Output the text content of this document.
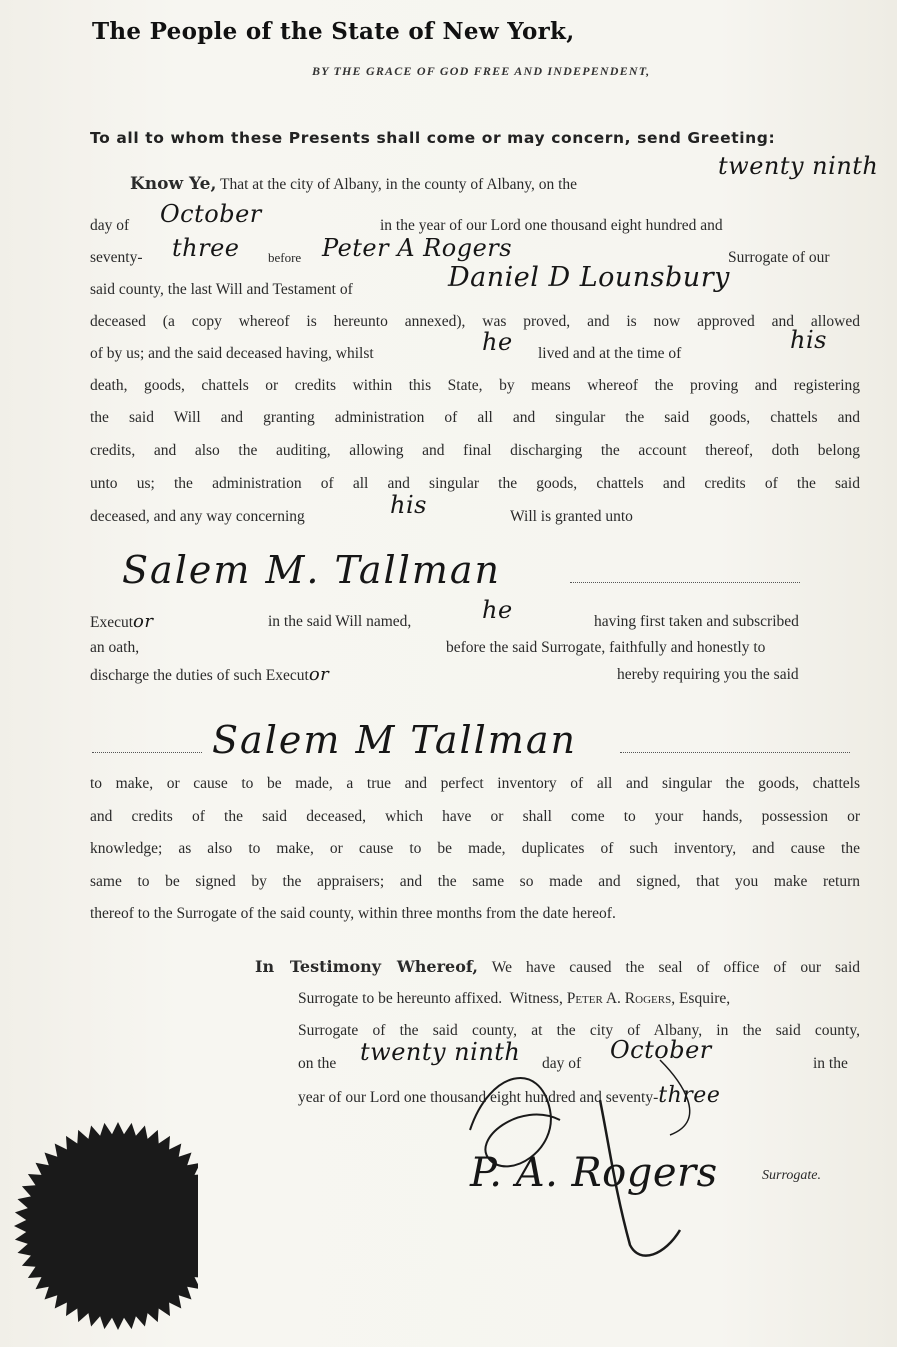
The People of the State of New York,
BY THE GRACE OF GOD FREE AND INDEPENDENT,
To all to whom these Presents shall come or may concern, send Greeting:
Know Ye, That at the city of Albany, in the county of Albany, on the
twenty ninth
day of October	in the year of our Lord one thousand eight hundred and
seventy- three before Peter A Rogers	Surrogate of our
said county, the last Will and Testament of	Daniel D Lounsbury
deceased (a copy whereof is hereunto annexed), was proved, and is now approved and allowed
of by us; and the said deceased having, whilst	he lived and at the time of	his
death, goods, chattels or credits within this State, by means whereof the proving and registering
the said Will and granting administration of all and singular the said goods, chattels and
credits, and also the auditing, allowing and final discharging the account thereof, doth belong
unto us; the administration of all and singular the goods, chattels and credits of the said
deceased, and any way concerning	his	Will is granted unto
Salem M. Tallman
Executor	in the said Will named,	he	having first taken and subscribed
an oath,	before the said Surrogate, faithfully and honestly to
discharge the duties of such Executor	hereby requiring you the said
Salem M Tallman
to make, or cause to be made, a true and perfect inventory of all and singular the goods, chattels
and credits of the said deceased, which have or shall come to your hands, possession or
knowledge; as also to make, or cause to be made, duplicates of such inventory, and cause the
same to be signed by the appraisers; and the same so made and signed, that you make return
thereof to the Surrogate of the said county, within three months from the date hereof.
In Testimony Whereof, We have caused the seal of office of our said
Surrogate to be hereunto affixed.  Witness, Peter A. Rogers, Esquire,
Surrogate of the said county, at the city of Albany, in the said county,
on the twenty ninth day of October	in the
year of our Lord one thousand eight hundred and seventy-three
P. A. Rogers	Surrogate.
